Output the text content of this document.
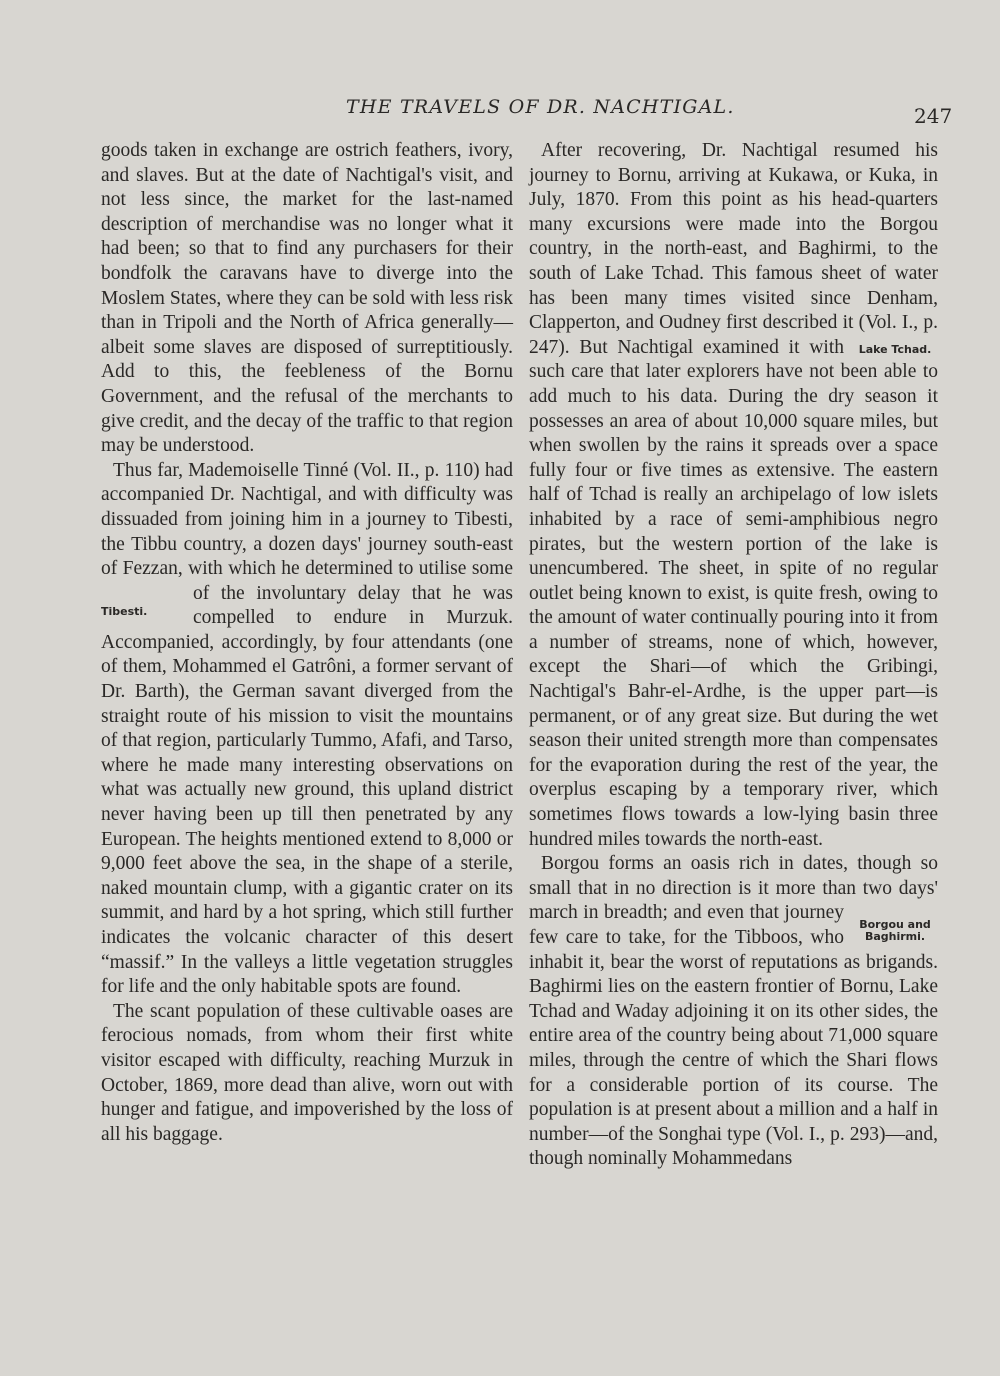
THE TRAVELS OF DR. NACHTIGAL.	247

goods taken in exchange are ostrich feathers, ivory, and slaves. But at the date of Nachtigal's visit, and not less since, the market for the last-named description of merchandise was no longer what it had been; so that to find any purchasers for their bondfolk the caravans have to diverge into the Moslem States, where they can be sold with less risk than in Tripoli and the North of Africa generally—albeit some slaves are disposed of surreptitiously. Add to this, the feebleness of the Bornu Government, and the refusal of the merchants to give credit, and the decay of the traffic to that region may be understood.

Thus far, Mademoiselle Tinné (Vol. II., p. 110) had accompanied Dr. Nachtigal, and with difficulty was dissuaded from joining him in a journey to Tibesti, the Tibbu country, a dozen days' journey south-east of Fezzan, with which he determined to utilise
Tibesti.
some of the involuntary delay that he was compelled to endure in Murzuk. Accompanied, accordingly, by four attendants (one of them, Mohammed el Gatrôni, a former servant of Dr. Barth), the German savant diverged from the straight route of his mission to visit the mountains of that region, particularly Tummo, Afafi, and Tarso, where he made many interesting observations on what was actually new ground, this upland district never having been up till then penetrated by any European. The heights mentioned extend to 8,000 or 9,000 feet above the sea, in the shape of a sterile, naked mountain clump, with a gigantic crater on its summit, and hard by a hot spring, which still further indicates the volcanic character of this desert “massif.” In the valleys a little vegetation struggles for life and the only habitable spots are found.

The scant population of these cultivable oases are ferocious nomads, from whom their first white visitor escaped with difficulty, reaching Murzuk in October, 1869, more dead than alive, worn out with hunger and fatigue, and impoverished by the loss of all his baggage.

After recovering, Dr. Nachtigal resumed his journey to Bornu, arriving at Kukawa, or Kuka, in July, 1870. From this point as his head-quarters many excursions were made into the Borgou country, in the north-east, and Baghirmi, to the south of Lake Tchad. This famous sheet of water has been many times visited since Denham, Clapperton, and Oudney first described it (Vol. I., p. 247). But Nachtigal examined	Lake Tchad.
it with such care that later explorers have not been able to add much to his data. During the dry season it possesses an area of about 10,000 square miles, but when swollen by the rains it spreads over a space fully four or five times as extensive. The eastern half of Tchad is really an archipelago of low islets inhabited by a race of semi-amphibious negro pirates, but the western portion of the lake is unencumbered. The sheet, in spite of no regular outlet being known to exist, is quite fresh, owing to the amount of water continually pouring into it from a number of streams, none of which, however, except the Shari—of which the Gribingi, Nachtigal's Bahr-el-Ardhe, is the upper part—is permanent, or of any great size. But during the wet season their united strength more than compensates for the evaporation during the rest of the year, the overplus escaping by a temporary river, which sometimes flows towards a low-lying basin three hundred miles towards the north-east.

Borgou forms an oasis rich in dates, though so small that in no direction is it more than two days' march in breadth; and
Borgou and Baghirmi.
even that journey few care to take, for the Tibboos, who inhabit it, bear the worst of reputations as brigands. Baghirmi lies on the eastern frontier of Bornu, Lake Tchad and Waday adjoining it on its other sides, the entire area of the country being about 71,000 square miles, through the centre of which the Shari flows for a considerable portion of its course. The population is at present about a million and a half in number—of the Songhai type (Vol. I., p. 293)—and, though nominally Mohammedans
